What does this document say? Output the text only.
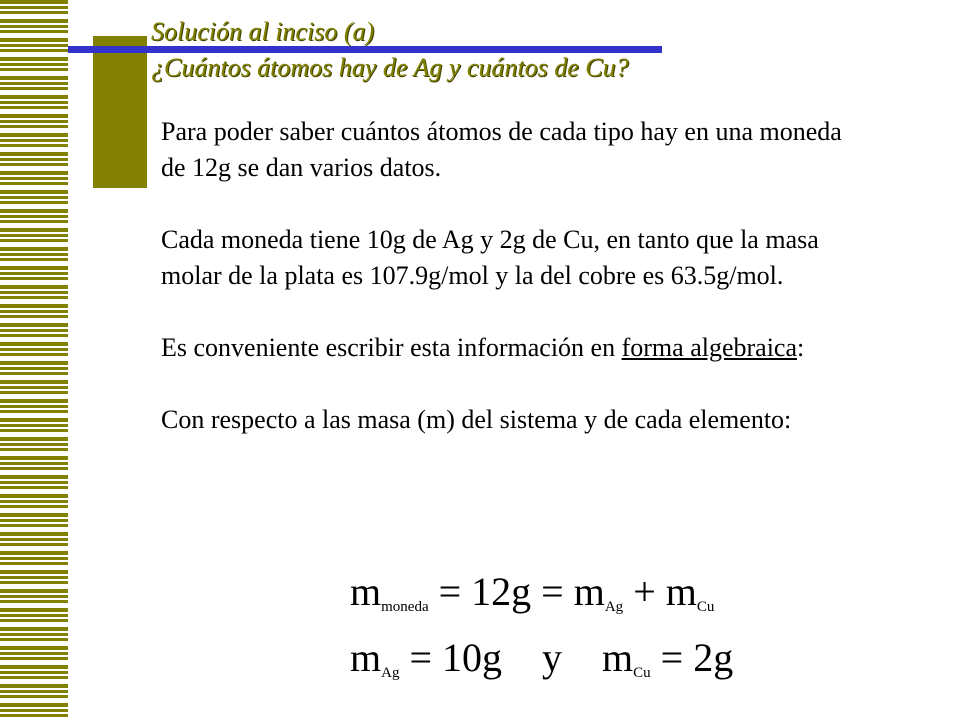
Solución al inciso (a)
¿Cuántos átomos hay de Ag y cuántos de Cu?

Para poder saber cuántos átomos de cada tipo hay en una moneda de 12g se dan varios datos.

Cada moneda tiene 10g de Ag y 2g de Cu, en tanto que la masa molar de la plata es 107.9g/mol y la del cobre es 63.5g/mol.

Es conveniente escribir esta información en forma algebraica:

Con respecto a las masa (m) del sistema y de cada elemento:

$m_{moneda} = 12g = m_{Ag} + m_{Cu}$
$m_{Ag} = 10g$ y $m_{Cu} = 2g$
